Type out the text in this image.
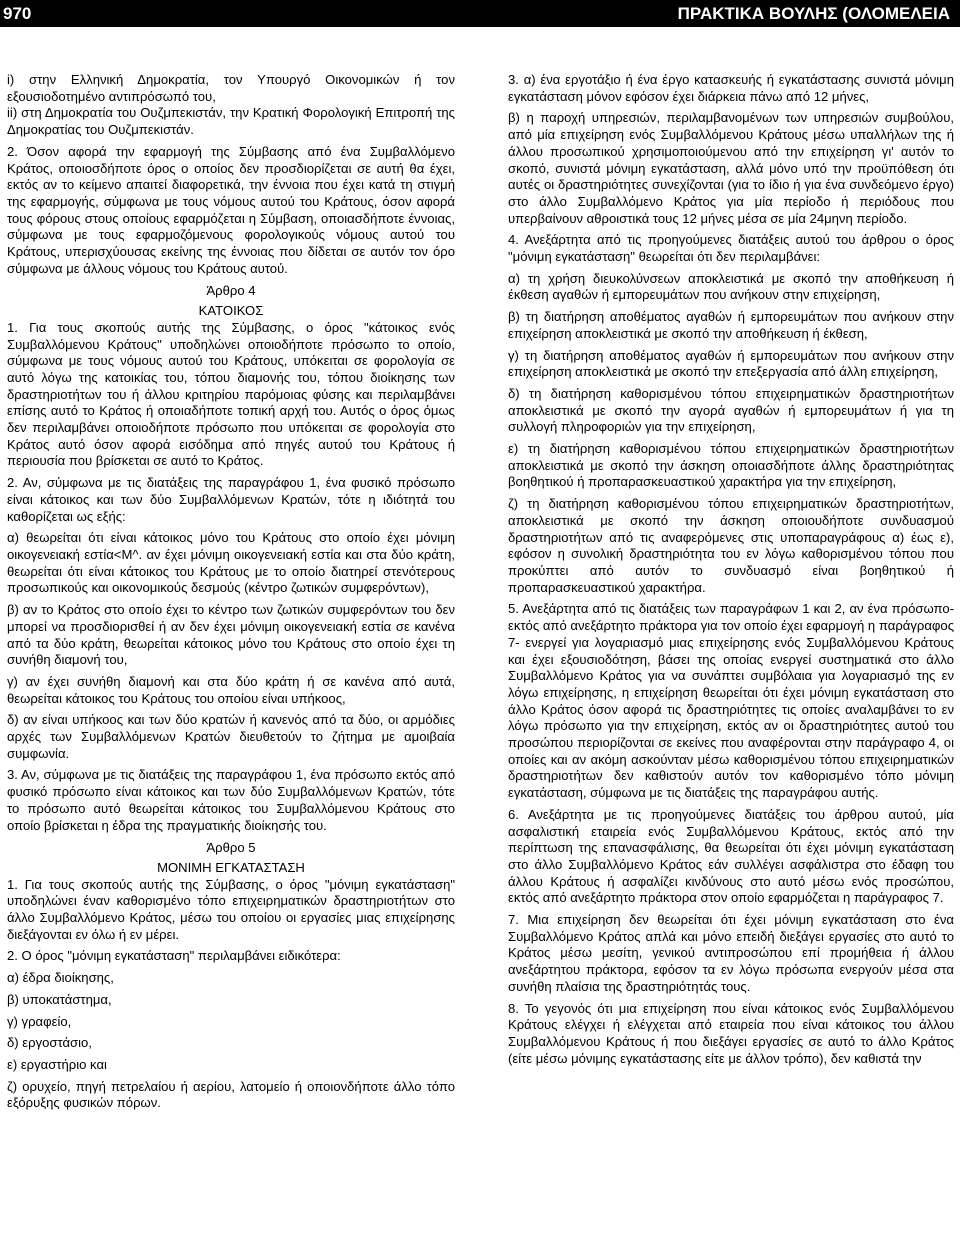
970	ΠΡΑΚΤΙΚΑ ΒΟΥΛΗΣ (ΟΛΟΜΕΛΕΙΑ

i) στην Ελληνική Δημοκρατία, τον Υπουργό Οικονομικών ή τον εξουσιοδοτημένο αντιπρόσωπό του,

ii) στη Δημοκρατία του Ουζμπεκιστάν, την Κρατική Φορολογική Επιτροπή της Δημοκρατίας του Ουζμπεκιστάν.

2. Όσον αφορά την εφαρμογή της Σύμβασης από ένα Συμβαλλόμενο Κράτος, οποιοσδήποτε όρος ο οποίος δεν προσδιορίζεται σε αυτή θα έχει, εκτός αν το κείμενο απαιτεί διαφορετικά, την έννοια που έχει κατά τη στιγμή της εφαρμογής, σύμφωνα με τους νόμους αυτού του Κράτους, όσον αφορά τους φόρους στους οποίους εφαρμόζεται η Σύμβαση, οποιασδήποτε έννοιας, σύμφωνα με τους εφαρμοζόμενους φορολογικούς νόμους αυτού του Κράτους, υπερισχύουσας εκείνης της έννοιας που δίδεται σε αυτόν τον όρο σύμφωνα με άλλους νόμους του Κράτους αυτού.

Άρθρο 4
ΚΑΤΟΙΚΟΣ

1. Για τους σκοπούς αυτής της Σύμβασης, ο όρος "κάτοικος ενός Συμβαλλόμενου Κράτους" υποδηλώνει οποιοδήποτε πρόσωπο το οποίο, σύμφωνα με τους νόμους αυτού του Κράτους, υπόκειται σε φορολογία σε αυτό λόγω της κατοικίας του, τόπου διαμονής του, τόπου διοίκησης των δραστηριοτήτων του ή άλλου κριτηρίου παρόμοιας φύσης και περιλαμβάνει επίσης αυτό το Κράτος ή οποιαδήποτε τοπική αρχή του. Αυτός ο όρος όμως δεν περιλαμβάνει οποιοδήποτε πρόσωπο που υπόκειται σε φορολογία στο Κράτος αυτό όσον αφορά εισόδημα από πηγές αυτού του Κράτους ή περιουσία που βρίσκεται σε αυτό το Κράτος.

2. Αν, σύμφωνα με τις διατάξεις της παραγράφου 1, ένα φυσικό πρόσωπο είναι κάτοικος και των δύο Συμβαλλόμενων Κρατών, τότε η ιδιότητά του καθορίζεται ως εξής:

α) θεωρείται ότι είναι κάτοικος μόνο του Κράτους στο οποίο έχει μόνιμη οικογενειακή εστία<Μ^. αν έχει μόνιμη οικογενειακή εστία και στα δύο κράτη, θεωρείται ότι είναι κάτοικος του Κράτους με το οποίο διατηρεί στενότερους προσωπικούς και οικονομικούς δεσμούς (κέντρο ζωτικών συμφερόντων),

β) αν το Κράτος στο οποίο έχει το κέντρο των ζωτικών συμφερόντων του δεν μπορεί να προσδιορισθεί ή αν δεν έχει μόνιμη οικογενειακή εστία σε κανένα από τα δύο κράτη, θεωρείται κάτοικος μόνο του Κράτους στο οποίο έχει τη συνήθη διαμονή του,

γ) αν έχει συνήθη διαμονή και στα δύο κράτη ή σε κανένα από αυτά, θεωρείται κάτοικος του Κράτους του οποίου είναι υπήκοος,

δ) αν είναι υπήκοος και των δύο κρατών ή κανενός από τα δύο, οι αρμόδιες αρχές των Συμβαλλόμενων Κρατών διευθετούν το ζήτημα με αμοιβαία συμφωνία.

3. Αν, σύμφωνα με τις διατάξεις της παραγράφου 1, ένα πρόσωπο εκτός από φυσικό πρόσωπο είναι κάτοικος και των δύο Συμβαλλόμενων Κρατών, τότε το πρόσωπο αυτό θεωρείται κάτοικος του Συμβαλλόμενου Κράτους στο οποίο βρίσκεται η έδρα της πραγματικής διοίκησής του.

Άρθρο 5
ΜΟΝΙΜΗ ΕΓΚΑΤΑΣΤΑΣΗ

1. Για τους σκοπούς αυτής της Σύμβασης, ο όρος "μόνιμη εγκατάσταση" υποδηλώνει έναν καθορισμένο τόπο επιχειρηματικών δραστηριοτήτων στο άλλο Συμβαλλόμενο Κράτος, μέσω του οποίου οι εργασίες μιας επιχείρησης διεξάγονται εν όλω ή εν μέρει.

2. Ο όρος "μόνιμη εγκατάσταση" περιλαμβάνει ειδικότερα:

α) έδρα διοίκησης,

β) υποκατάστημα,

γ) γραφείο,

δ) εργοστάσιο,

ε) εργαστήριο και

ζ) ορυχείο, πηγή πετρελαίου ή αερίου, λατομείο ή οποιονδήποτε άλλο τόπο εξόρυξης φυσικών πόρων.

3. α) ένα εργοτάξιο ή ένα έργο κατασκευής ή εγκατάστασης συνιστά μόνιμη εγκατάσταση μόνον εφόσον έχει διάρκεια πάνω από 12 μήνες,

β) η παροχή υπηρεσιών, περιλαμβανομένων των υπηρεσιών συμβούλου, από μία επιχείρηση ενός Συμβαλλόμενου Κράτους μέσω υπαλλήλων της ή άλλου προσωπικού χρησιμοποιούμενου από την επιχείρηση γι' αυτόν το σκοπό, συνιστά μόνιμη εγκατάσταση, αλλά μόνο υπό την προϋπόθεση ότι αυτές οι δραστηριότητες συνεχίζονται (για το ίδιο ή για ένα συνδεόμενο έργο) στο άλλο Συμβαλλόμενο Κράτος για μία περίοδο ή περιόδους που υπερβαίνουν αθροιστικά τους 12 μήνες μέσα σε μία 24μηνη περίοδο.

4. Ανεξάρτητα από τις προηγούμενες διατάξεις αυτού του άρθρου ο όρος "μόνιμη εγκατάσταση" θεωρείται ότι δεν περιλαμβάνει:

α) τη χρήση διευκολύνσεων αποκλειστικά με σκοπό την αποθήκευση ή έκθεση αγαθών ή εμπορευμάτων που ανήκουν στην επιχείρηση,

β) τη διατήρηση αποθέματος αγαθών ή εμπορευμάτων που ανήκουν στην επιχείρηση αποκλειστικά με σκοπό την αποθήκευση ή έκθεση,

γ) τη διατήρηση αποθέματος αγαθών ή εμπορευμάτων που ανήκουν στην επιχείρηση αποκλειστικά με σκοπό την επεξεργασία από άλλη επιχείρηση,

δ) τη διατήρηση καθορισμένου τόπου επιχειρηματικών δραστηριοτήτων αποκλειστικά με σκοπό την αγορά αγαθών ή εμπορευμάτων ή για τη συλλογή πληροφοριών για την επιχείρηση,

ε) τη διατήρηση καθορισμένου τόπου επιχειρηματικών δραστηριοτήτων αποκλειστικά με σκοπό την άσκηση οποιασδήποτε άλλης δραστηριότητας βοηθητικού ή προπαρασκευαστικού χαρακτήρα για την επιχείρηση,

ζ) τη διατήρηση καθορισμένου τόπου επιχειρηματικών δραστηριοτήτων, αποκλειστικά με σκοπό την άσκηση οποιουδήποτε συνδυασμού δραστηριοτήτων από τις αναφερόμενες στις υποπαραγράφους α) έως ε), εφόσον η συνολική δραστηριότητα του εν λόγω καθορισμένου τόπου που προκύπτει από αυτόν το συνδυασμό είναι βοηθητικού ή προπαρασκευαστικού χαρακτήρα.

5. Ανεξάρτητα από τις διατάξεις των παραγράφων 1 και 2, αν ένα πρόσωπο- εκτός από ανεξάρτητο πράκτορα για τον οποίο έχει εφαρμογή η παράγραφος 7- ενεργεί για λογαριασμό μιας επιχείρησης ενός Συμβαλλόμενου Κράτους και έχει εξουσιοδότηση, βάσει της οποίας ενεργεί συστηματικά στο άλλο Συμβαλλόμενο Κράτος για να συνάπτει συμβόλαια για λογαριασμό της εν λόγω επιχείρησης, η επιχείρηση θεωρείται ότι έχει μόνιμη εγκατάσταση στο άλλο Κράτος όσον αφορά τις δραστηριότητες τις οποίες αναλαμβάνει το εν λόγω πρόσωπο για την επιχείρηση, εκτός αν οι δραστηριότητες αυτού του προσώπου περιορίζονται σε εκείνες που αναφέρονται στην παράγραφο 4, οι οποίες και αν ακόμη ασκούνταν μέσω καθορισμένου τόπου επιχειρηματικών δραστηριοτήτων δεν καθιστούν αυτόν τον καθορισμένο τόπο μόνιμη εγκατάσταση, σύμφωνα με τις διατάξεις της παραγράφου αυτής.

6. Ανεξάρτητα με τις προηγούμενες διατάξεις του άρθρου αυτού, μία ασφαλιστική εταιρεία ενός Συμβαλλόμενου Κράτους, εκτός από την περίπτωση της επανασφάλισης, θα θεωρείται ότι έχει μόνιμη εγκατάσταση στο άλλο Συμβαλλόμενο Κράτος εάν συλλέγει ασφάλιστρα στο έδαφη του άλλου Κράτους ή ασφαλίζει κινδύνους στο αυτό μέσω ενός προσώπου, εκτός από ανεξάρτητο πράκτορα στον οποίο εφαρμόζεται η παράγραφος 7.

7. Μια επιχείρηση δεν θεωρείται ότι έχει μόνιμη εγκατάσταση στο ένα Συμβαλλόμενο Κράτος απλά και μόνο επειδή διεξάγει εργασίες στο αυτό το Κράτος μέσω μεσίτη, γενικού αντιπροσώπου επί προμήθεια ή άλλου ανεξάρτητου πράκτορα, εφόσον τα εν λόγω πρόσωπα ενεργούν μέσα στα συνήθη πλαίσια της δραστηριότητάς τους.

8. Το γεγονός ότι μια επιχείρηση που είναι κάτοικος ενός Συμβαλλόμενου Κράτους ελέγχει ή ελέγχεται από εταιρεία που είναι κάτοικος του άλλου Συμβαλλόμενου Κράτους ή που διεξάγει εργασίες σε αυτό το άλλο Κράτος (είτε μέσω μόνιμης εγκατάστασης είτε με άλλον τρόπο), δεν καθιστά την
